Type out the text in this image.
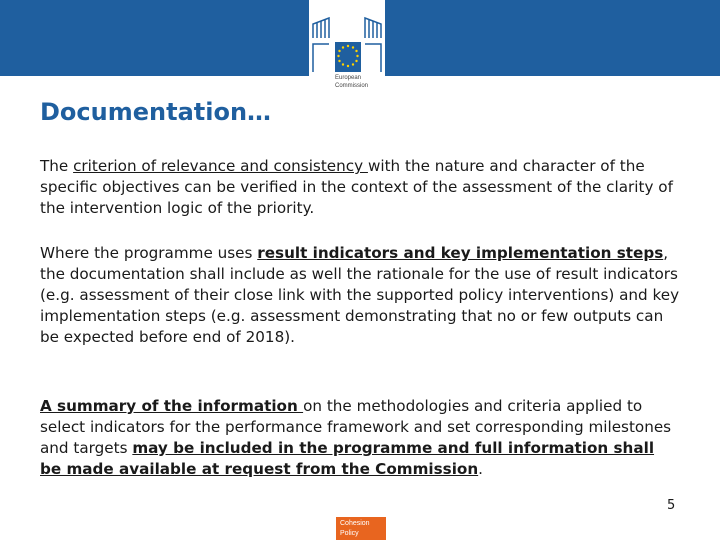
European
Commission
Documentation…

The criterion of relevance and consistency with the nature and character of the specific objectives can be verified in the context of the assessment of the clarity of the intervention logic of the priority.

Where the programme uses result indicators and key implementation steps, the documentation shall include as well the rationale for the use of result indicators (e.g. assessment of their close link with the supported policy interventions) and key implementation steps (e.g. assessment demonstrating that no or few outputs can be expected before end of 2018).

A summary of the information on the methodologies and criteria applied to select indicators for the performance framework and set corresponding milestones and targets may be included in the programme and full information shall be made available at request from the Commission.

5
Cohesion
Policy
